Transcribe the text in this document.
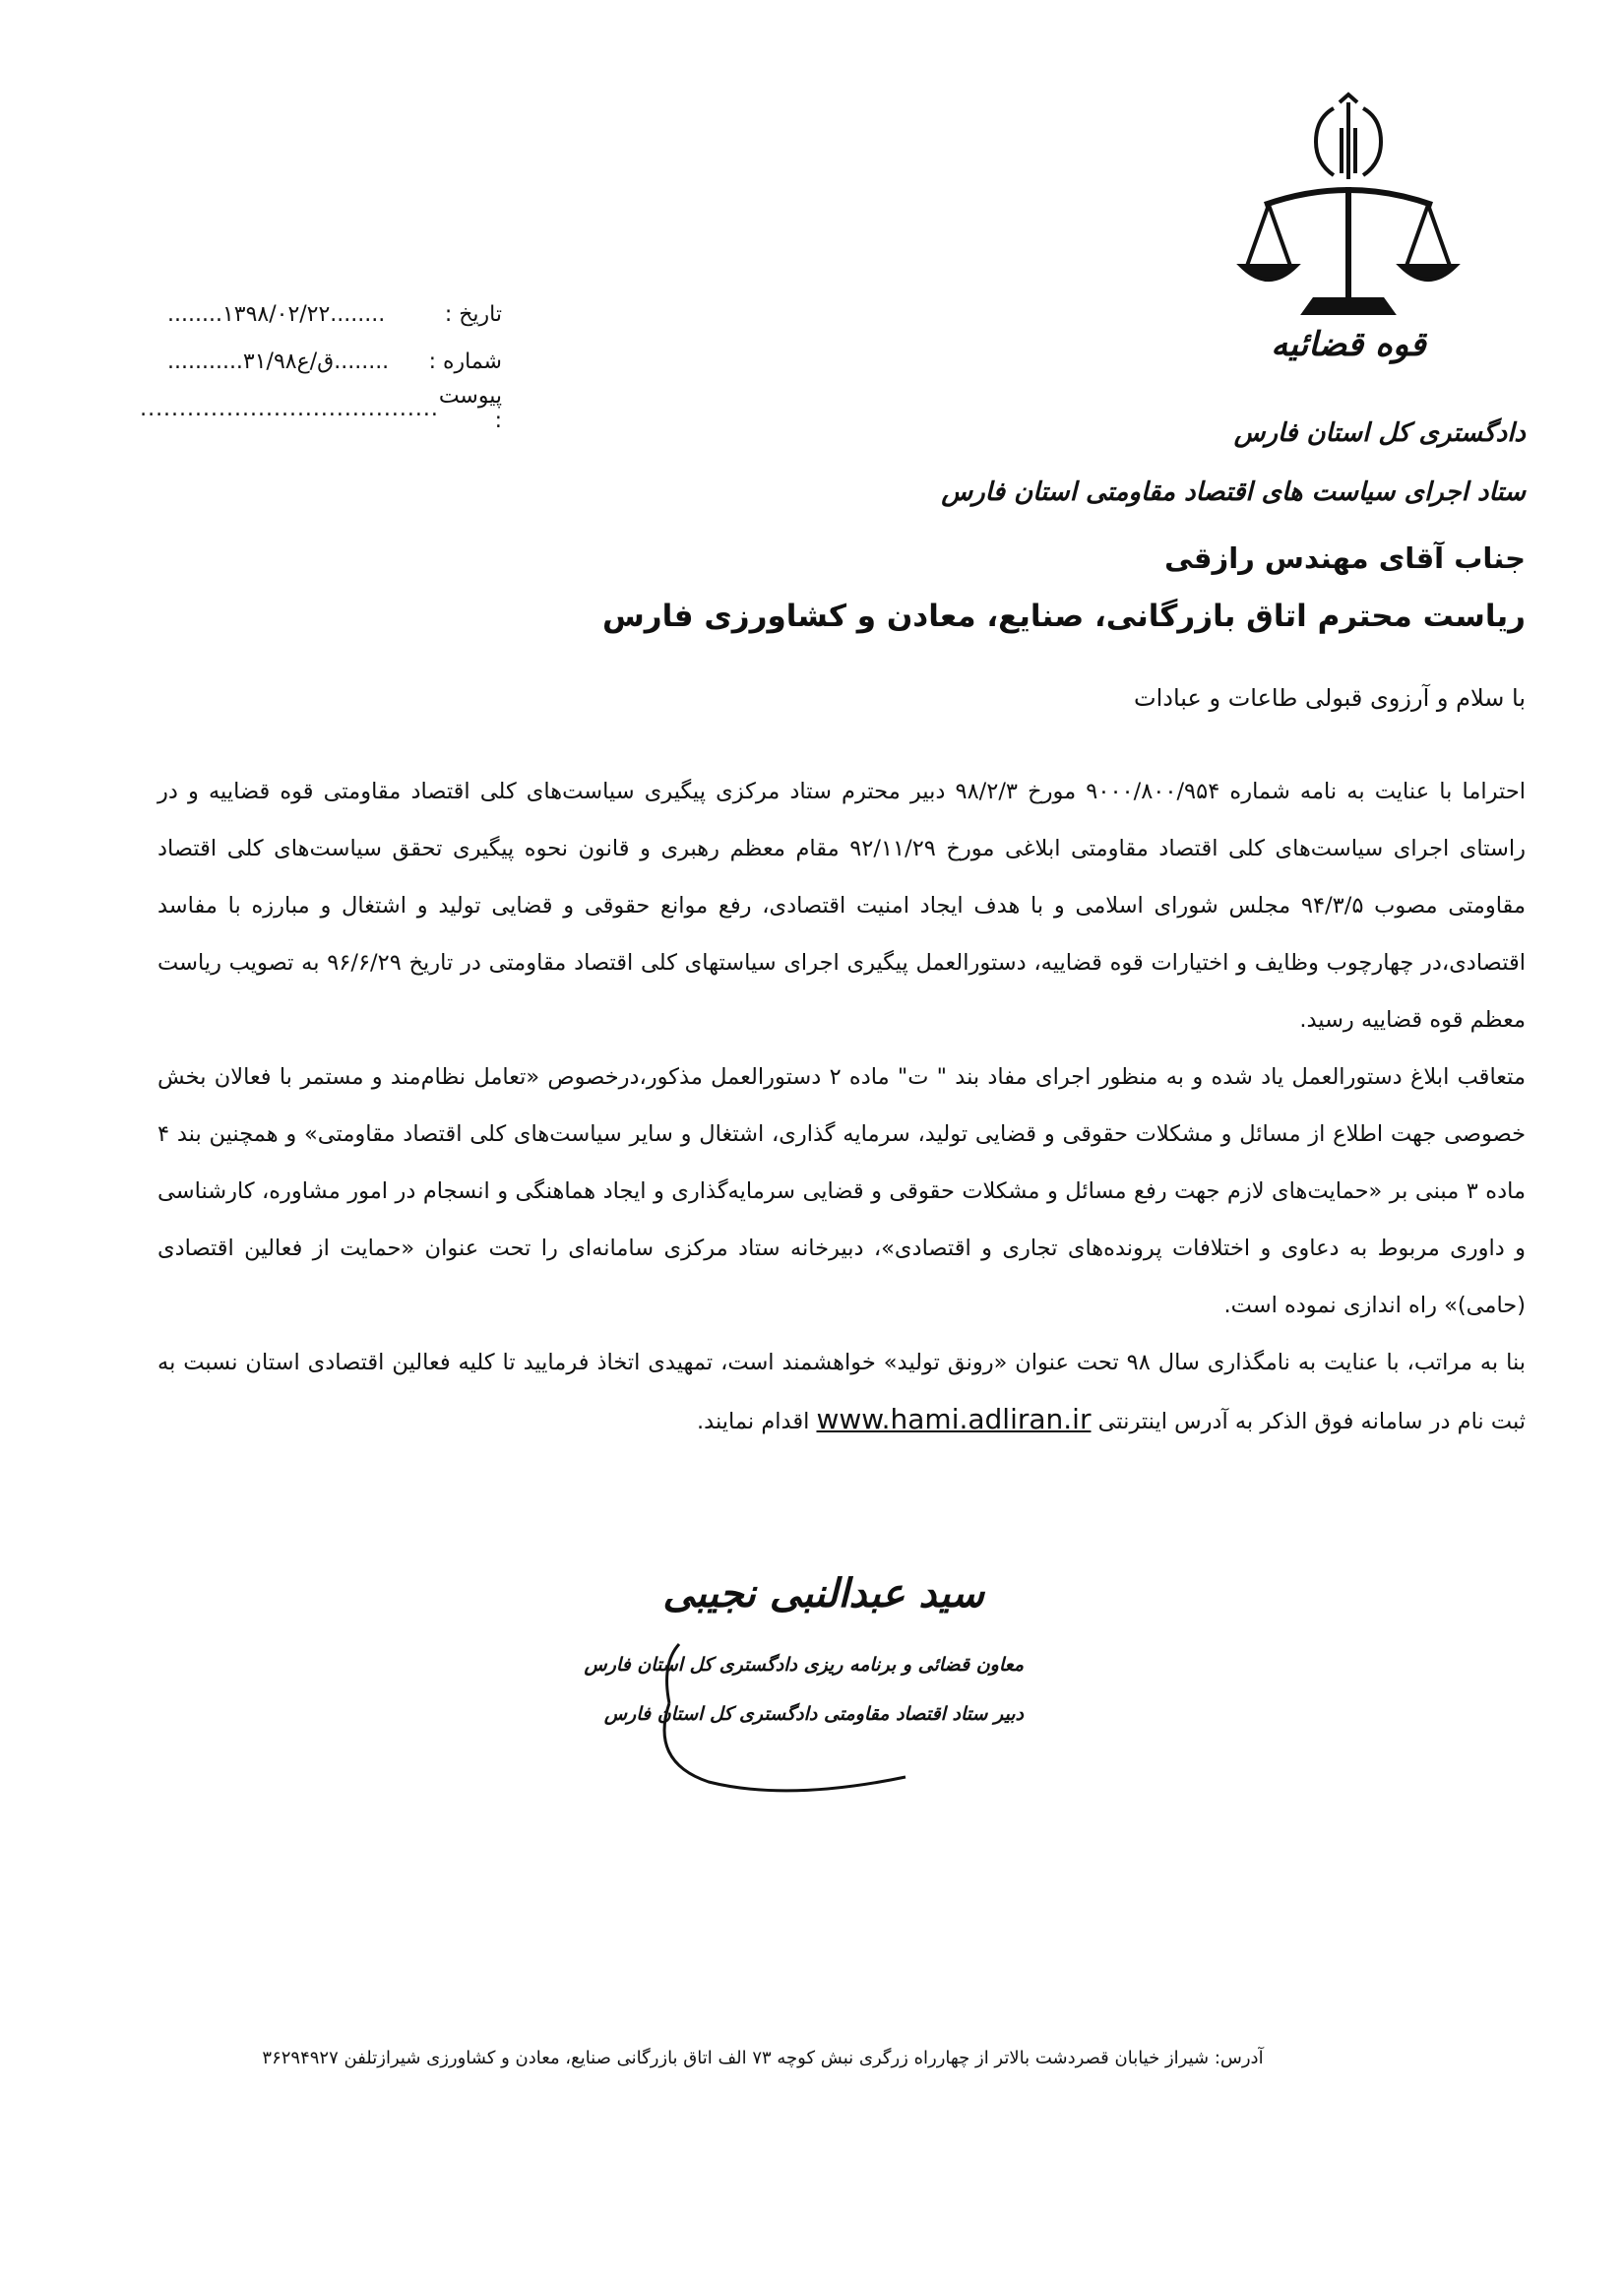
قوه قضائیه
دادگستری کل استان فارس
ستاد اجرای سیاست های اقتصاد مقاومتی استان فارس
تاریخ :
........۱۳۹۸/۰۲/۲۲........
شماره :
...........۳۱/ق/ع۹۸........
پیوست :
......................................
جناب آقای مهندس رازقی
ریاست محترم اتاق بازرگانی، صنایع، معادن و کشاورزی فارس
با سلام و آرزوی قبولی طاعات و عبادات

احتراما با عنایت به نامه شماره ۹۰۰۰/۸۰۰/۹۵۴ مورخ ۹۸/۲/۳ دبیر محترم ستاد مرکزی پیگیری سیاست‌های کلی اقتصاد مقاومتی قوه قضاییه و در راستای اجرای سیاست‌های کلی اقتصاد مقاومتی ابلاغی مورخ ۹۲/۱۱/۲۹ مقام معظم رهبری و قانون نحوه پیگیری تحقق سیاست‌های کلی اقتصاد مقاومتی مصوب ۹۴/۳/۵ مجلس شورای اسلامی و با هدف ایجاد امنیت اقتصادی، رفع موانع حقوقی و قضایی تولید و اشتغال و مبارزه با مفاسد اقتصادی،در چهارچوب وظایف و اختیارات قوه قضاییه، دستورالعمل پیگیری اجرای سیاستهای کلی اقتصاد مقاومتی در تاریخ ۹۶/۶/۲۹ به تصویب ریاست معظم قوه قضاییه رسید.

متعاقب ابلاغ دستورالعمل یاد شده و به منظور اجرای مفاد بند " ت" ماده ۲ دستورالعمل مذکور،درخصوص «تعامل نظام‌مند و مستمر با فعالان بخش خصوصی جهت اطلاع از مسائل و مشکلات حقوقی و قضایی تولید، سرمایه گذاری، اشتغال و سایر سیاست‌های کلی اقتصاد مقاومتی» و همچنین بند ۴ ماده ۳ مبنی بر «حمایت‌های لازم جهت رفع مسائل و مشکلات حقوقی و قضایی سرمایه‌گذاری و ایجاد هماهنگی و انسجام در امور مشاوره، کارشناسی و داوری مربوط به دعاوی و اختلافات پرونده‌های تجاری و اقتصادی»، دبیرخانه ستاد مرکزی سامانه‌ای را تحت عنوان «حمایت از فعالین اقتصادی (حامی)» راه اندازی نموده است.

بنا به مراتب، با عنایت به نامگذاری سال ۹۸ تحت عنوان «رونق تولید» خواهشمند است، تمهیدی اتخاذ فرمایید تا کلیه فعالین اقتصادی استان نسبت به ثبت نام در سامانه فوق الذکر به آدرس اینترنتی www.hami.adliran.ir اقدام نمایند.

سید عبدالنبی نجیبی
معاون قضائی و برنامه ریزی دادگستری کل استان فارس
دبیر ستاد اقتصاد مقاومتی دادگستری کل استان فارس
آدرس: شیراز خیابان قصردشت بالاتر از چهارراه زرگری نبش کوچه ۷۳ الف اتاق بازرگانی صنایع، معادن و کشاورزی شیرازتلفن ۳۶۲۹۴۹۲۷
